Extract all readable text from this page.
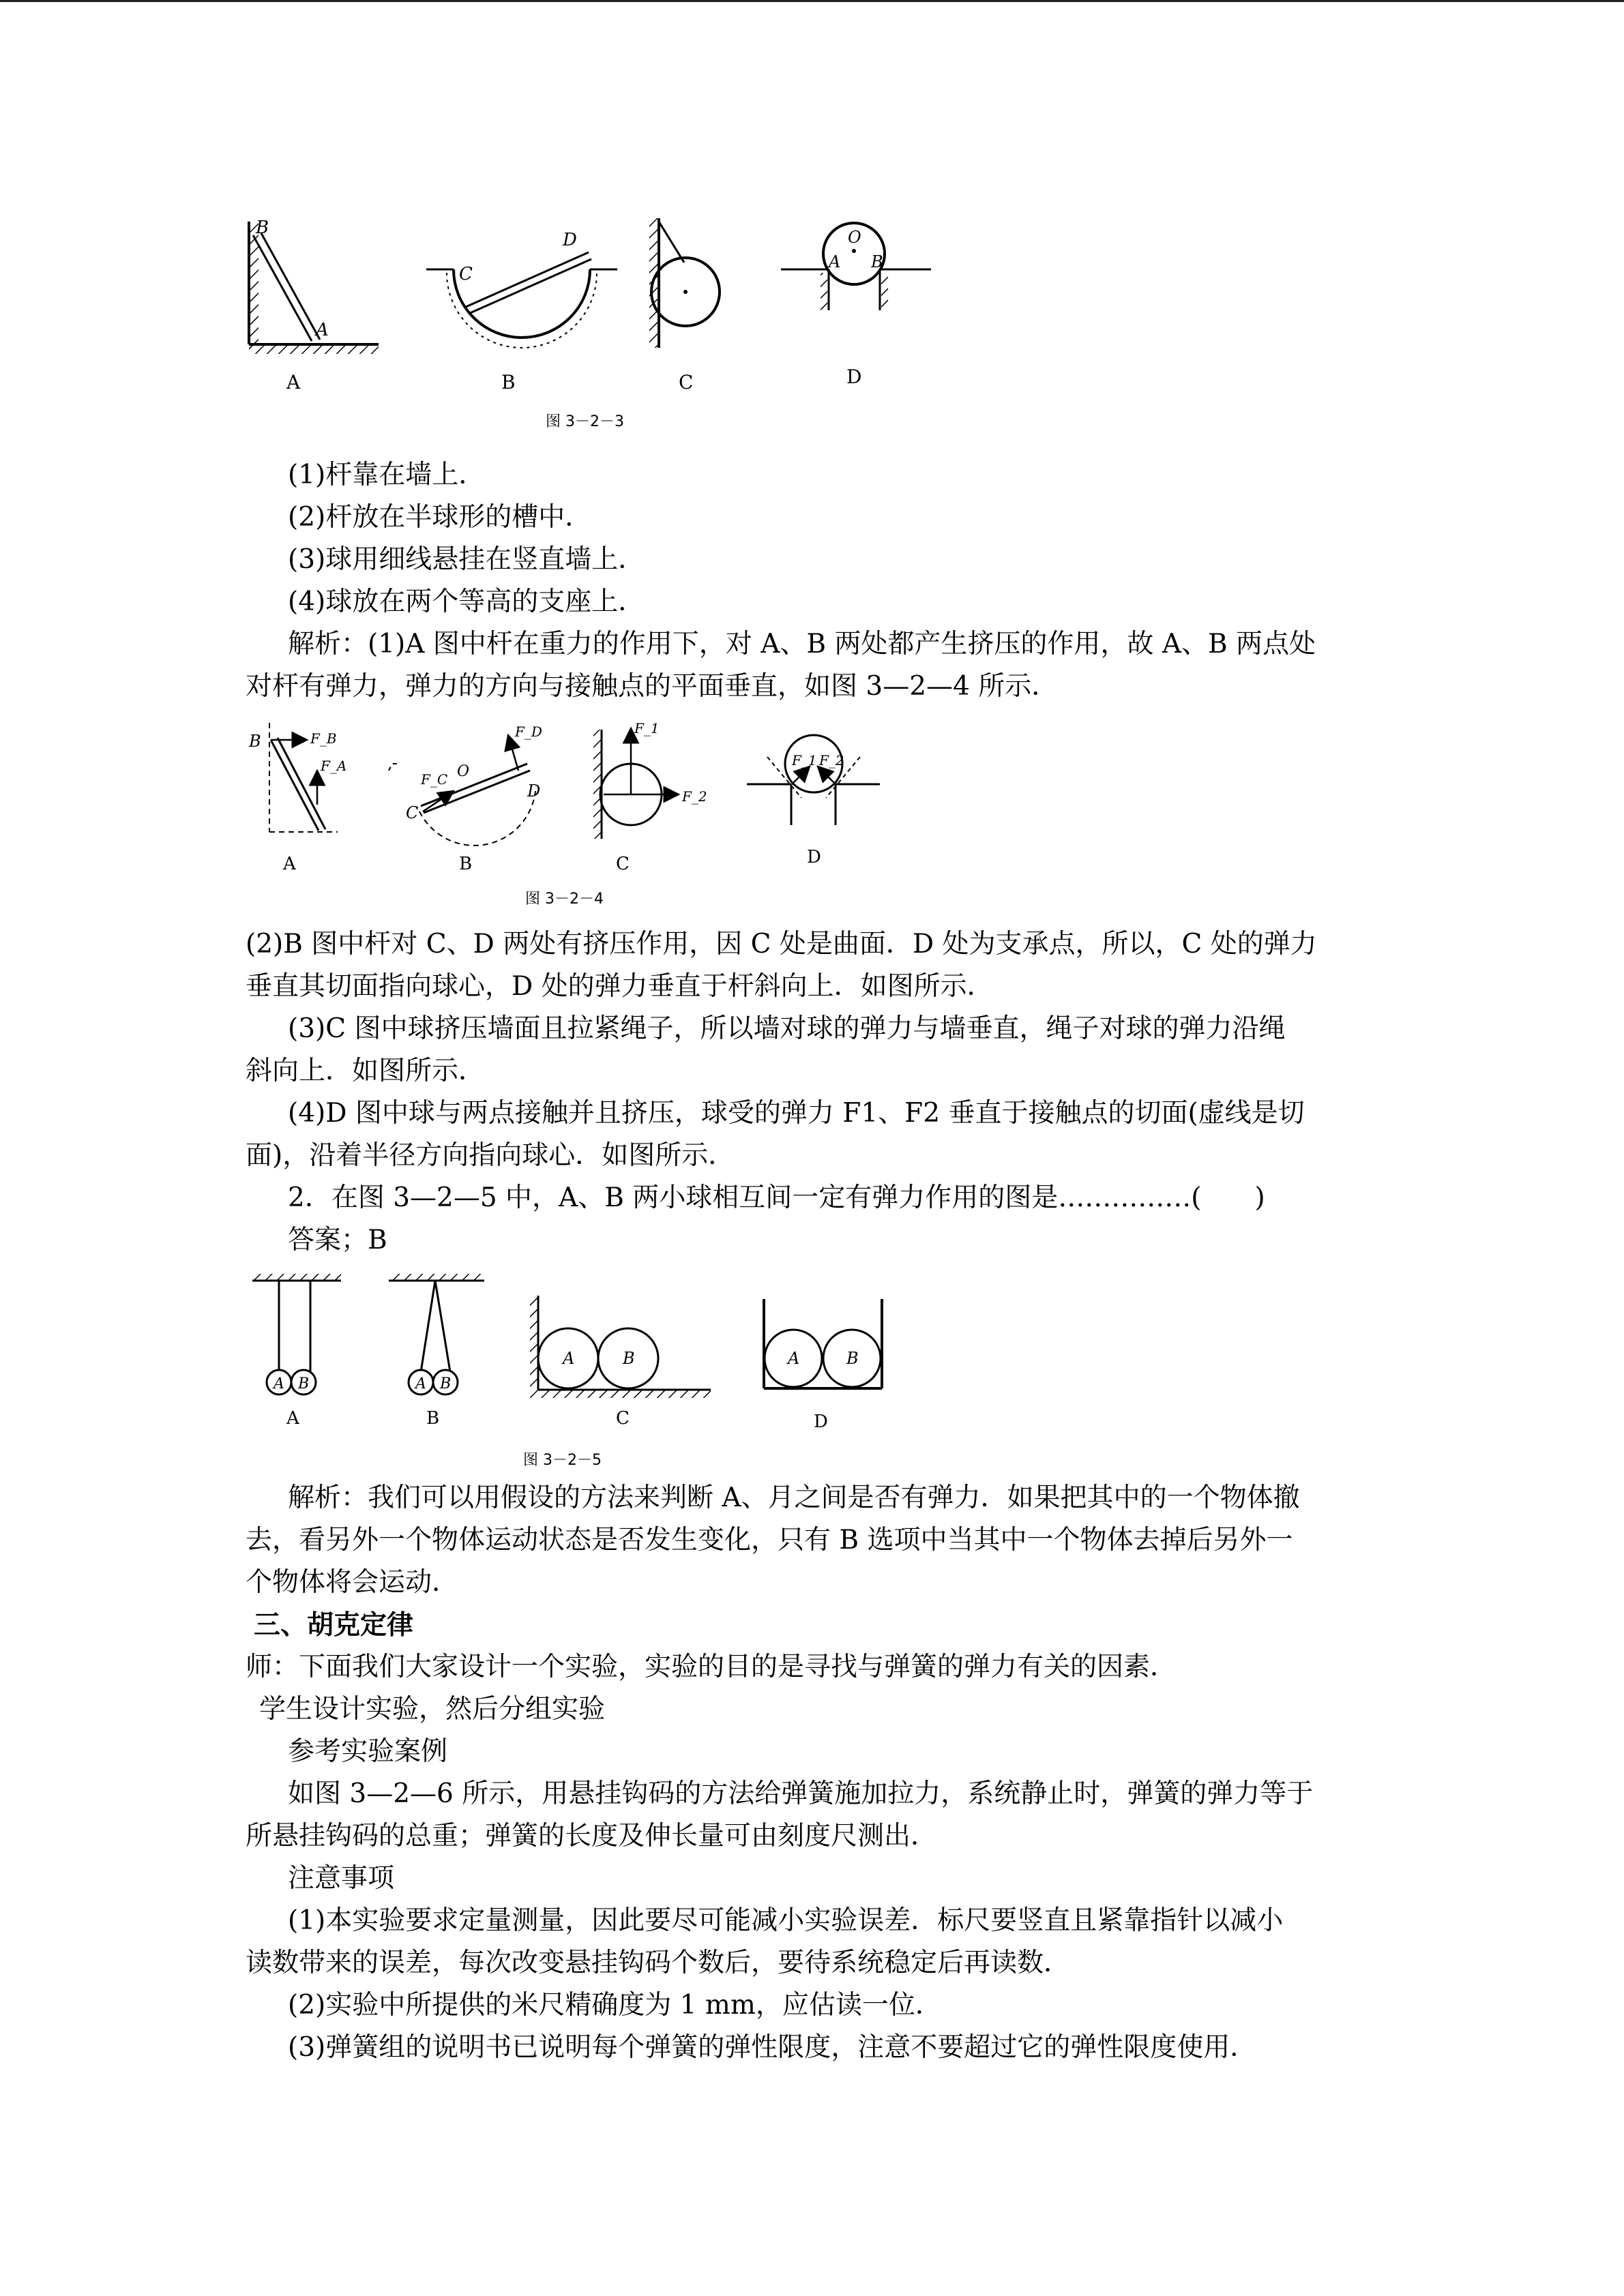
B
A
A
C
D
B	C
O
A B
D
图 3－2－3
(1)杆靠在墙上．
(2)杆放在半球形的槽中．
(3)球用细线悬挂在竖直墙上．
(4)球放在两个等高的支座上．
解析：(1)A 图中杆在重力的作用下，对 A、B 两处都产生挤压的作用，故 A、B 两点处
对杆有弹力，弹力的方向与接触点的平面垂直，如图 3—2—4 所示．
B	F_B
F_A
A
F_C O
F_D
C
D
B
F_1
F_2
C
F_1 F_2
D
图 3－2－4
(2)B 图中杆对 C、D 两处有挤压作用，因 C 处是曲面．D 处为支承点，所以，C 处的弹力
垂直其切面指向球心，D 处的弹力垂直于杆斜向上．如图所示．
(3)C 图中球挤压墙面且拉紧绳子，所以墙对球的弹力与墙垂直，绳子对球的弹力沿绳
斜向上．如图所示．
(4)D 图中球与两点接触并且挤压，球受的弹力 F1、F2 垂直于接触点的切面(虚线是切
面)，沿着半径方向指向球心．如图所示．
2．在图 3—2—5 中，A、B 两小球相互间一定有弹力作用的图是……………(　　)
答案；B
A B
A
A B
B
A	B
C
A	B
D
图 3－2－5
解析：我们可以用假设的方法来判断 A、月之间是否有弹力．如果把其中的一个物体撤
去，看另外一个物体运动状态是否发生变化，只有 B 选项中当其中一个物体去掉后另外一
个物体将会运动．
三、胡克定律
师：下面我们大家设计一个实验，实验的目的是寻找与弹簧的弹力有关的因素．
学生设计实验，然后分组实验
参考实验案例
如图 3—2—6 所示，用悬挂钩码的方法给弹簧施加拉力，系统静止时，弹簧的弹力等于
所悬挂钩码的总重；弹簧的长度及伸长量可由刻度尺测出．
注意事项
(1)本实验要求定量测量，因此要尽可能减小实验误差．标尺要竖直且紧靠指针以减小
读数带来的误差，每次改变悬挂钩码个数后，要待系统稳定后再读数．
(2)实验中所提供的米尺精确度为 1 mm，应估读一位．
(3)弹簧组的说明书已说明每个弹簧的弹性限度，注意不要超过它的弹性限度使用．
